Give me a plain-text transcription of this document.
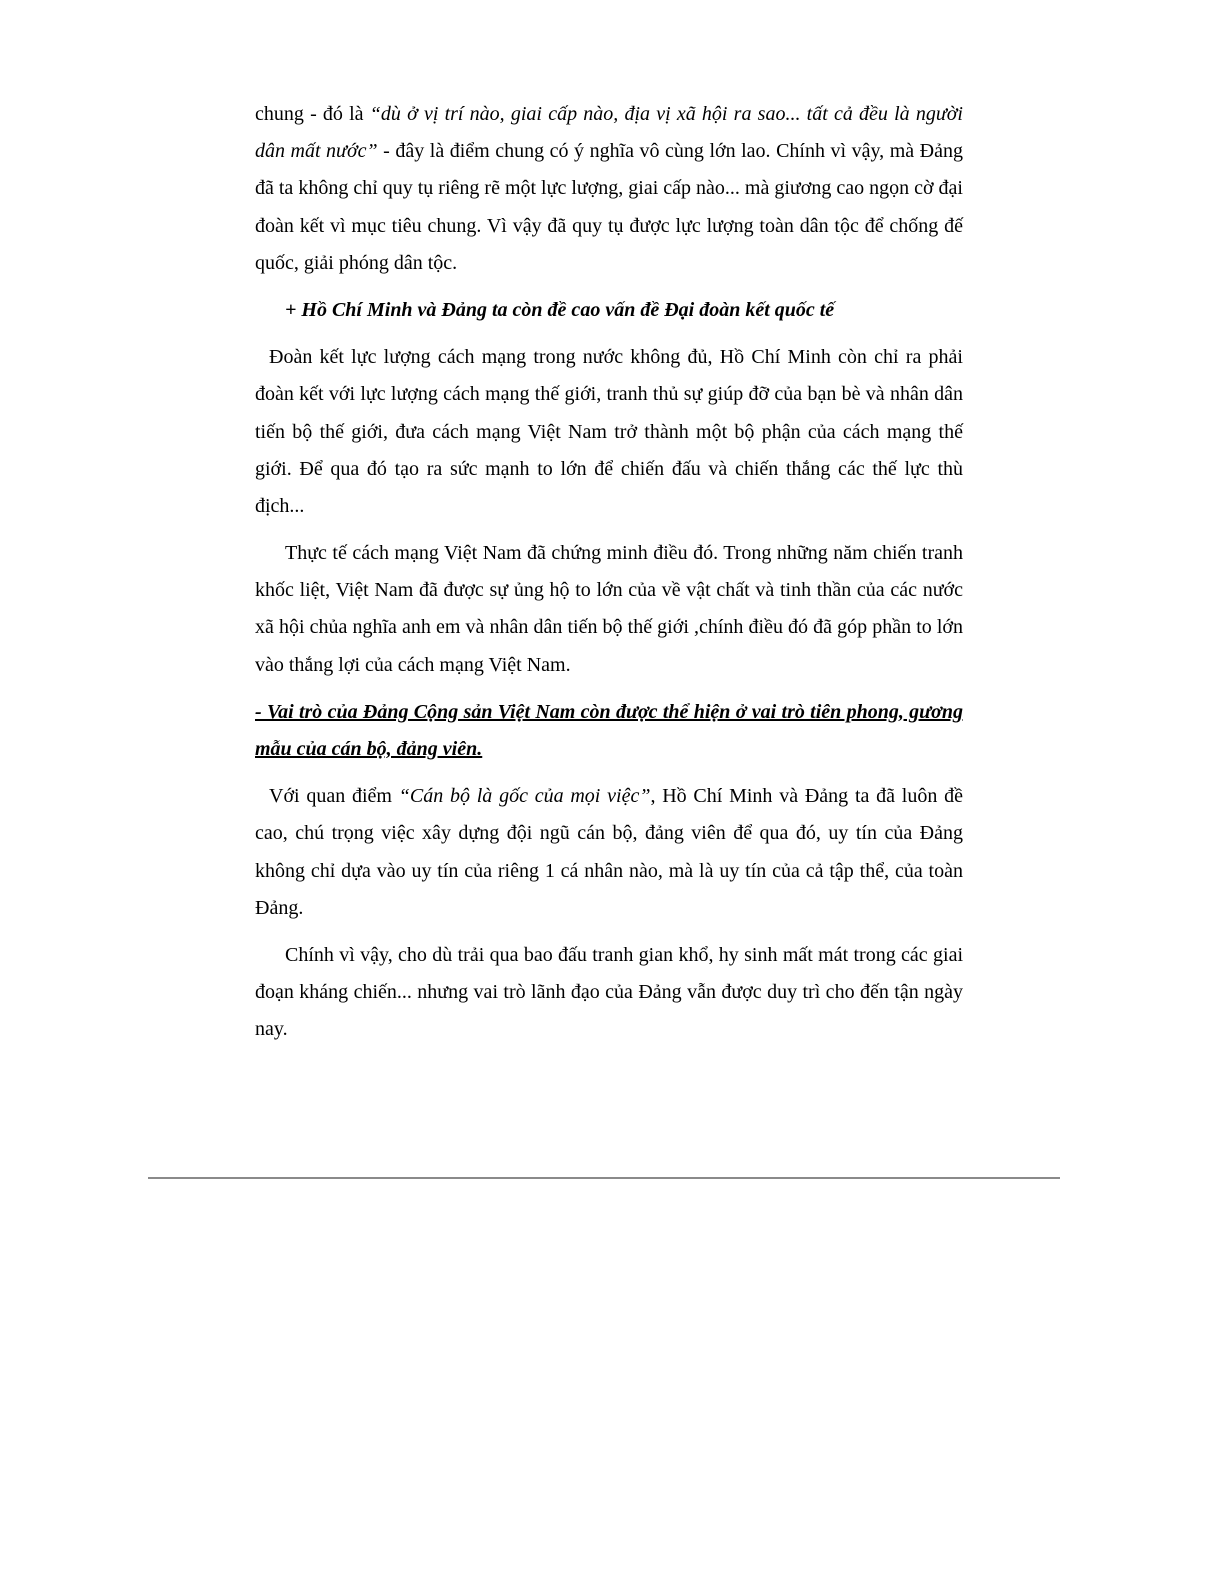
chung - đó là “dù ở vị trí nào, giai cấp nào, địa vị xã hội ra sao... tất cả đều là người dân mất nước” - đây là điểm chung có ý nghĩa vô cùng lớn lao. Chính vì vậy, mà Đảng đã ta không chỉ quy tụ riêng rẽ một lực lượng, giai cấp nào... mà giương cao ngọn cờ đại đoàn kết vì mục tiêu chung. Vì vậy đã quy tụ được lực lượng toàn dân tộc để chống đế quốc, giải phóng dân tộc.

+ Hồ Chí Minh và Đảng ta còn đề cao vấn đề Đại đoàn kết quốc tế

Đoàn kết lực lượng cách mạng trong nước không đủ, Hồ Chí Minh còn chỉ ra phải đoàn kết với lực lượng cách mạng thế giới, tranh thủ sự giúp đỡ của bạn bè và nhân dân tiến bộ thế giới, đưa cách mạng Việt Nam trở thành một bộ phận của cách mạng thế giới. Để qua đó tạo ra sức mạnh to lớn để chiến đấu và chiến thắng các thế lực thù địch...

Thực tế cách mạng Việt Nam đã chứng minh điều đó. Trong những năm chiến tranh khốc liệt, Việt Nam đã được sự ủng hộ to lớn của về vật chất và tinh thần của các nước xã hội chủa nghĩa anh em và nhân dân tiến bộ thế giới ,chính điều đó đã góp phần to lớn vào thắng lợi của cách mạng Việt Nam.

- Vai trò của Đảng Cộng sản Việt Nam còn được thể hiện ở vai trò tiên phong, gương mẫu của cán bộ, đảng viên.

Với quan điểm “Cán bộ là gốc của mọi việc”, Hồ Chí Minh và Đảng ta đã luôn đề cao, chú trọng việc xây dựng đội ngũ cán bộ, đảng viên để qua đó, uy tín của Đảng không chỉ dựa vào uy tín của riêng 1 cá nhân nào, mà là uy tín của cả tập thể, của toàn Đảng.

Chính vì vậy, cho dù trải qua bao đấu tranh gian khổ, hy sinh mất mát trong các giai đoạn kháng chiến... nhưng vai trò lãnh đạo của Đảng vẫn được duy trì cho đến tận ngày nay.
